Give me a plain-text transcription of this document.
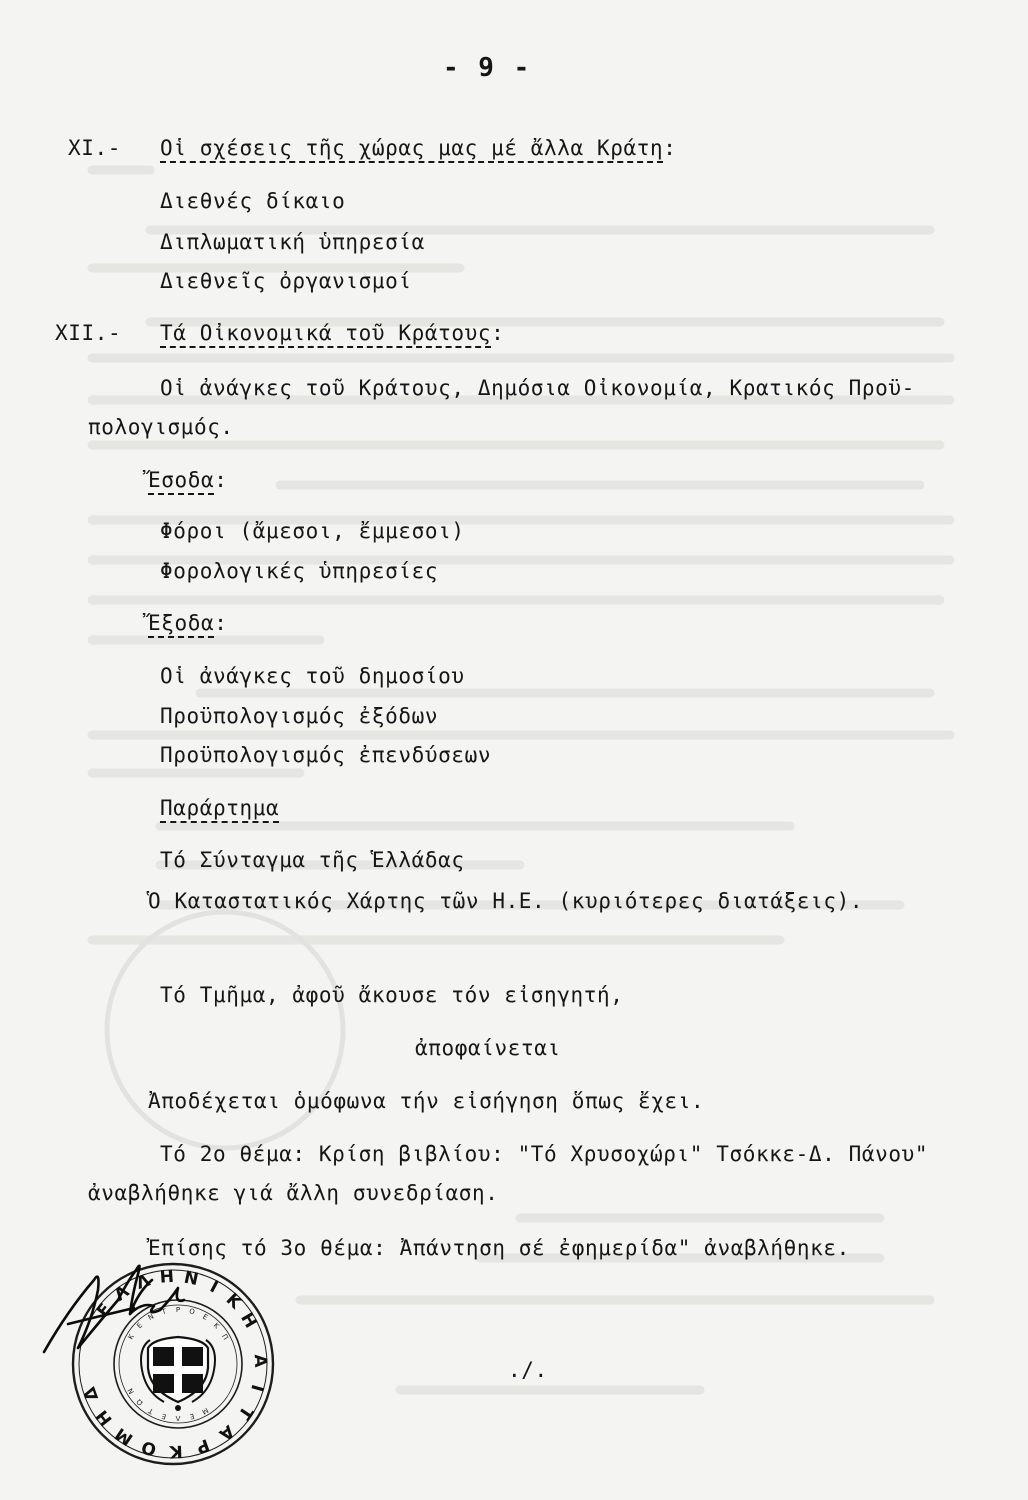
- 9 -
XI.- Οἱ σχέσεις τῆς χώρας μας μέ ἄλλα Κράτη:
Διεθνές δίκαιο
Διπλωματική ὑπηρεσία
Διεθνεῖς ὀργανισμοί
XII.- Τά Οἰκονομικά τοῦ Κράτους:
Οἱ ἀνάγκες τοῦ Κράτους, Δημόσια Οἰκονομία, Κρατικός Προϋ-
πολογισμός.
Ἔσοδα:
Φόροι (ἄμεσοι, ἔμμεσοι)
Φορολογικές ὑπηρεσίες
Ἔξοδα:
Οἱ ἀνάγκες τοῦ δημοσίου
Προϋπολογισμός ἐξόδων
Προϋπολογισμός ἐπενδύσεων
Παράρτημα
Τό Σύνταγμα τῆς Ἑλλάδας
Ὁ Καταστατικός Χάρτης τῶν Η.Ε. (κυριότερες διατάξεις).
Τό Τμῆμα, ἀφοῦ ἄκουσε τόν εἰσηγητή,
ἀποφαίνεται
Ἀποδέχεται ὁμόφωνα τήν εἰσήγηση ὅπως ἔχει.
Τό 2ο θέμα: Κρίση βιβλίου: "Τό Χρυσοχώρι" Τσόκκε-Δ. Πάνου"
ἀναβλήθηκε γιά ἄλλη συνεδρίαση.
Ἐπίσης τό 3ο θέμα: Ἀπάντηση σέ ἐφημερίδα" ἀναβλήθηκε.
./.
Ε
Λ Λ Η Ν Ι
Κ
Η
Δ
Η
Μ Ο Κ Ρ
Α
Τ
Ι
Α
Κ
Ε
Ν
Τ Ρ Ο
Ε
Κ
Π
Μ
Ε
Λ
Ε
Τ
Ω
Ν
